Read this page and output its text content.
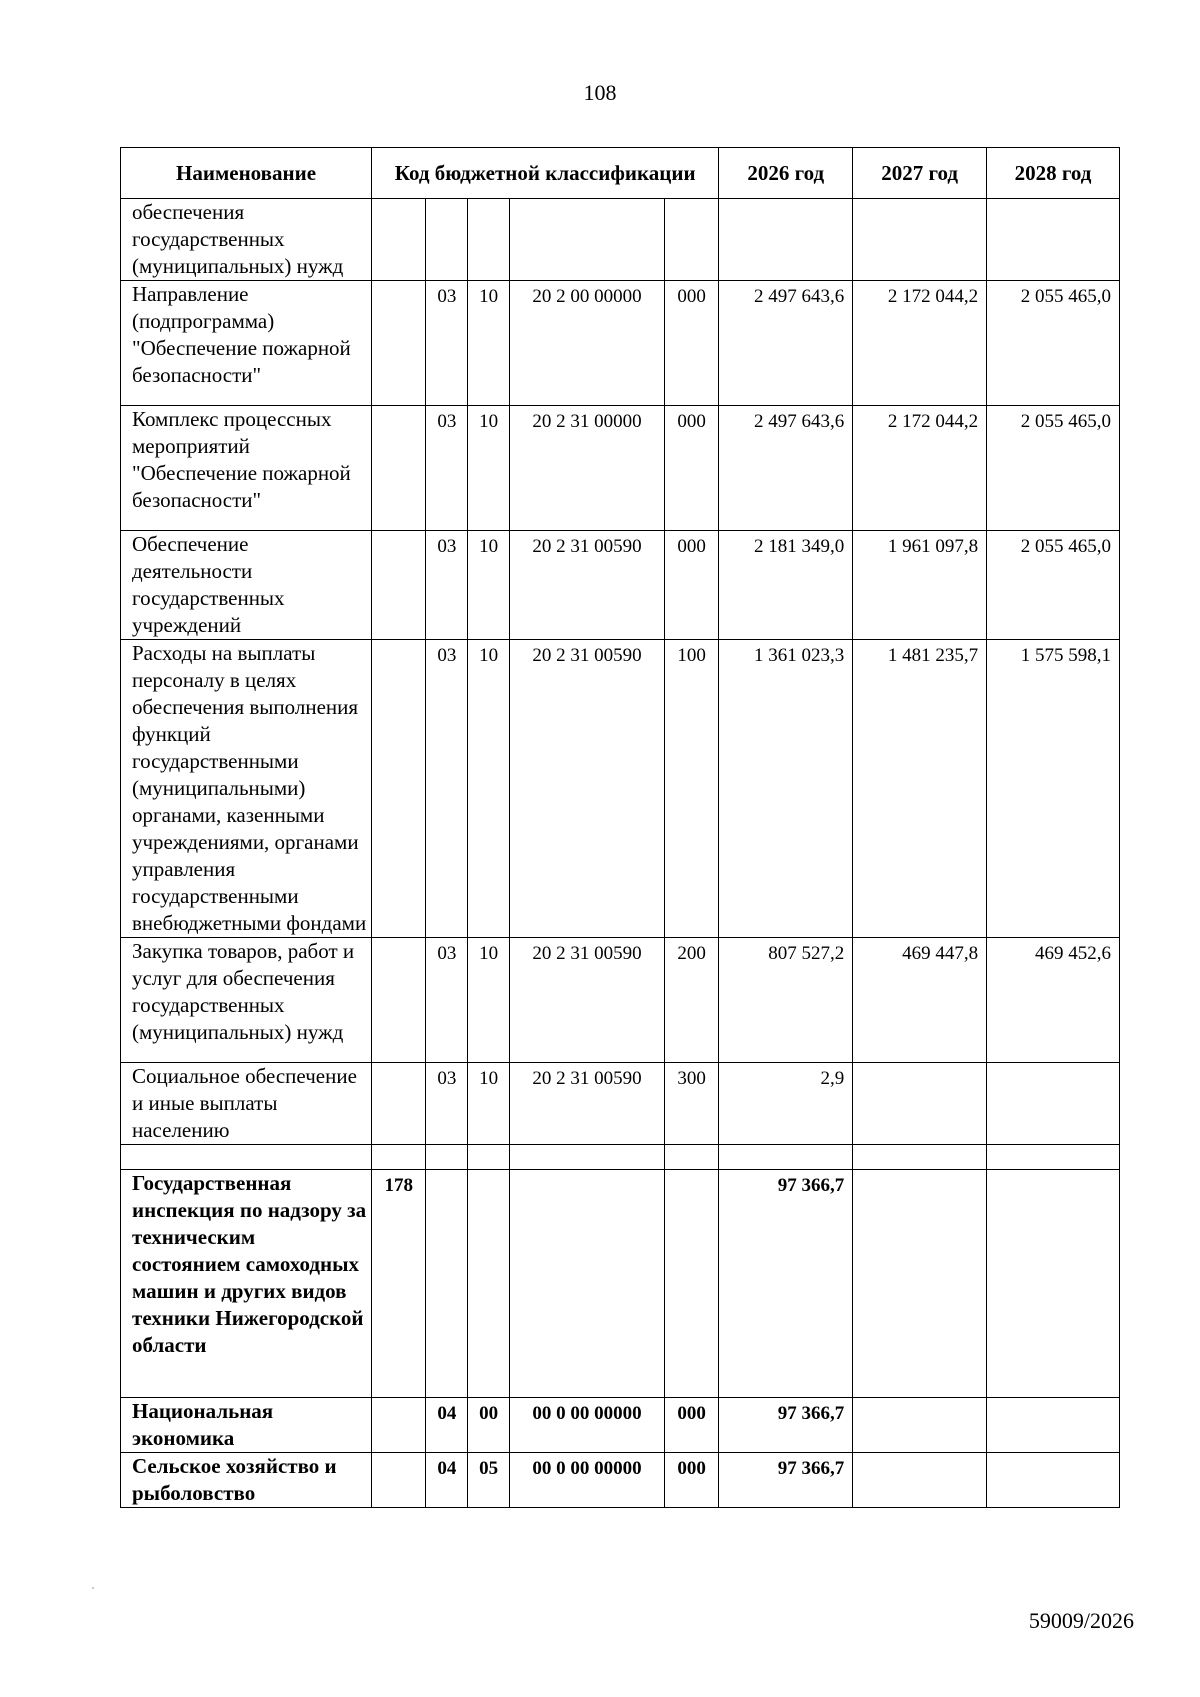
108
Наименование	Код бюджетной классификации					2026 год	2027 год	2028 год
обеспечения государственных (муниципальных) нужд								
Направление (подпрограмма) "Обеспечение пожарной безопасности"		03	10	20 2 00 00000	000	2 497 643,6	2 172 044,2	2 055 465,0
Комплекс процессных мероприятий "Обеспечение пожарной безопасности"		03	10	20 2 31 00000	000	2 497 643,6	2 172 044,2	2 055 465,0
Обеспечение деятельности государственных учреждений		03	10	20 2 31 00590	000	2 181 349,0	1 961 097,8	2 055 465,0
Расходы на выплаты персоналу в целях обеспечения выполнения функций государственными (муниципальными) органами, казенными учреждениями, органами управления государственными внебюджетными фондами		03	10	20 2 31 00590	100	1 361 023,3	1 481 235,7	1 575 598,1
Закупка товаров, работ и услуг для обеспечения государственных (муниципальных) нужд		03	10	20 2 31 00590	200	807 527,2	469 447,8	469 452,6
Социальное обеспечение и иные выплаты населению		03	10	20 2 31 00590	300	2,9		

Государственная инспекция по надзору за техническим состоянием самоходных машин и других видов техники Нижегородской области	178					97 366,7		
Национальная экономика		04	00	00 0 00 00000	000	97 366,7		
Сельское хозяйство и рыболовство		04	05	00 0 00 00000	000	97 366,7		
59009/2026
